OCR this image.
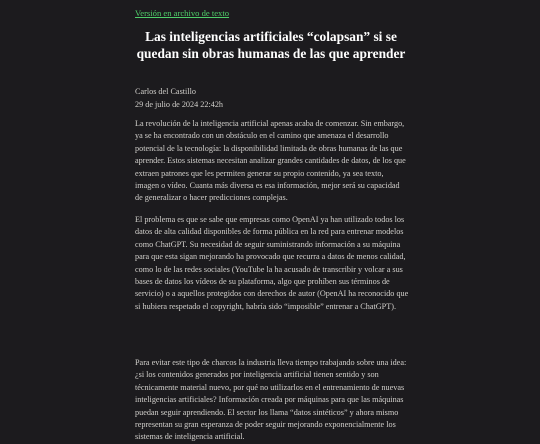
Versión en archivo de texto
Las inteligencias artificiales “colapsan” si se quedan sin obras humanas de las que aprender
Carlos del Castillo
29 de julio de 2024 22:42h

La revolución de la inteligencia artificial apenas acaba de comenzar. Sin embargo, ya se ha encontrado con un obstáculo en el camino que amenaza el desarrollo potencial de la tecnología: la disponibilidad limitada de obras humanas de las que aprender. Estos sistemas necesitan analizar grandes cantidades de datos, de los que extraen patrones que les permiten generar su propio contenido, ya sea texto, imagen o vídeo. Cuanta más diversa es esa información, mejor será su capacidad de generalizar o hacer predicciones complejas.

El problema es que se sabe que empresas como OpenAI ya han utilizado todos los datos de alta calidad disponibles de forma pública en la red para entrenar modelos como ChatGPT. Su necesidad de seguir suministrando información a su máquina para que esta sigan mejorando ha provocado que recurra a datos de menos calidad, como lo de las redes sociales (YouTube la ha acusado de transcribir y volcar a sus bases de datos los vídeos de su plataforma, algo que prohíben sus términos de servicio) o a aquellos protegidos con derechos de autor (OpenAI ha reconocido que si hubiera respetado el copyright, habría sido “imposible” entrenar a ChatGPT).

Para evitar este tipo de charcos la industria lleva tiempo trabajando sobre una idea: ¿si los contenidos generados por inteligencia artificial tienen sentido y son técnicamente material nuevo, por qué no utilizarlos en el entrenamiento de nuevas inteligencias artificiales? Información creada por máquinas para que las máquinas puedan seguir aprendiendo. El sector los llama “datos sintéticos” y ahora mismo representan su gran esperanza de poder seguir mejorando exponencialmente los sistemas de inteligencia artificial.
